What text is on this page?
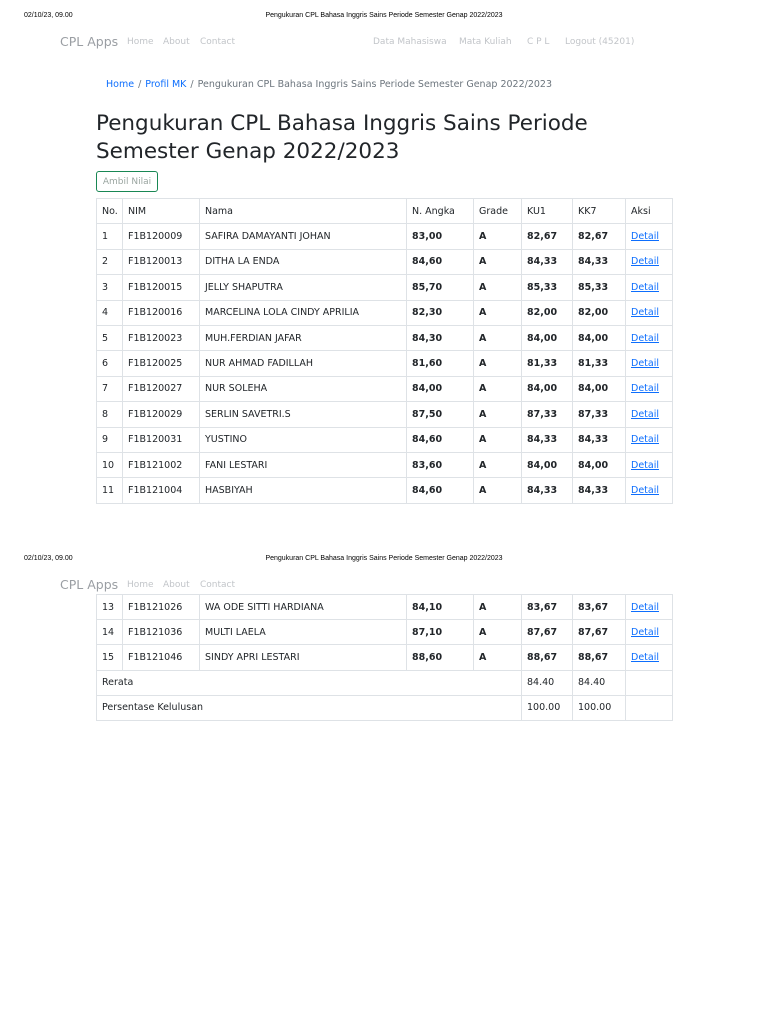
02/10/23, 09.00	Pengukuran CPL Bahasa Inggris Sains Periode Semester Genap 2022/2023
CPL Apps Home About Contact	Data Mahasiswa Mata Kuliah C P L Logout (45201)
Home / Profil MK / Pengukuran CPL Bahasa Inggris Sains Periode Semester Genap 2022/2023
Pengukuran CPL Bahasa Inggris Sains Periode Semester Genap 2022/2023
Ambil Nilai
No.	NIM	Nama	N. Angka	Grade	KU1	KK7	Aksi
1	F1B120009	SAFIRA DAMAYANTI JOHAN	83,00	A	82,67	82,67	Detail
2	F1B120013	DITHA LA ENDA	84,60	A	84,33	84,33	Detail
3	F1B120015	JELLY SHAPUTRA	85,70	A	85,33	85,33	Detail
4	F1B120016	MARCELINA LOLA CINDY APRILIA	82,30	A	82,00	82,00	Detail
5	F1B120023	MUH.FERDIAN JAFAR	84,30	A	84,00	84,00	Detail
6	F1B120025	NUR AHMAD FADILLAH	81,60	A	81,33	81,33	Detail
7	F1B120027	NUR SOLEHA	84,00	A	84,00	84,00	Detail
8	F1B120029	SERLIN SAVETRI.S	87,50	A	87,33	87,33	Detail
9	F1B120031	YUSTINO	84,60	A	84,33	84,33	Detail
10	F1B121002	FANI LESTARI	83,60	A	84,00	84,00	Detail
11	F1B121004	HASBIYAH	84,60	A	84,33	84,33	Detail
02/10/23, 09.00	Pengukuran CPL Bahasa Inggris Sains Periode Semester Genap 2022/2023
CPL Apps Home About Contact
13	F1B121026	WA ODE SITTI HARDIANA	84,10	A	83,67	83,67	Detail
14	F1B121036	MULTI LAELA	87,10	A	87,67	87,67	Detail
15	F1B121046	SINDY APRI LESTARI	88,60	A	88,67	88,67	Detail
Rerata					84.40	84.40	
Persentase Kelulusan					100.00	100.00	
